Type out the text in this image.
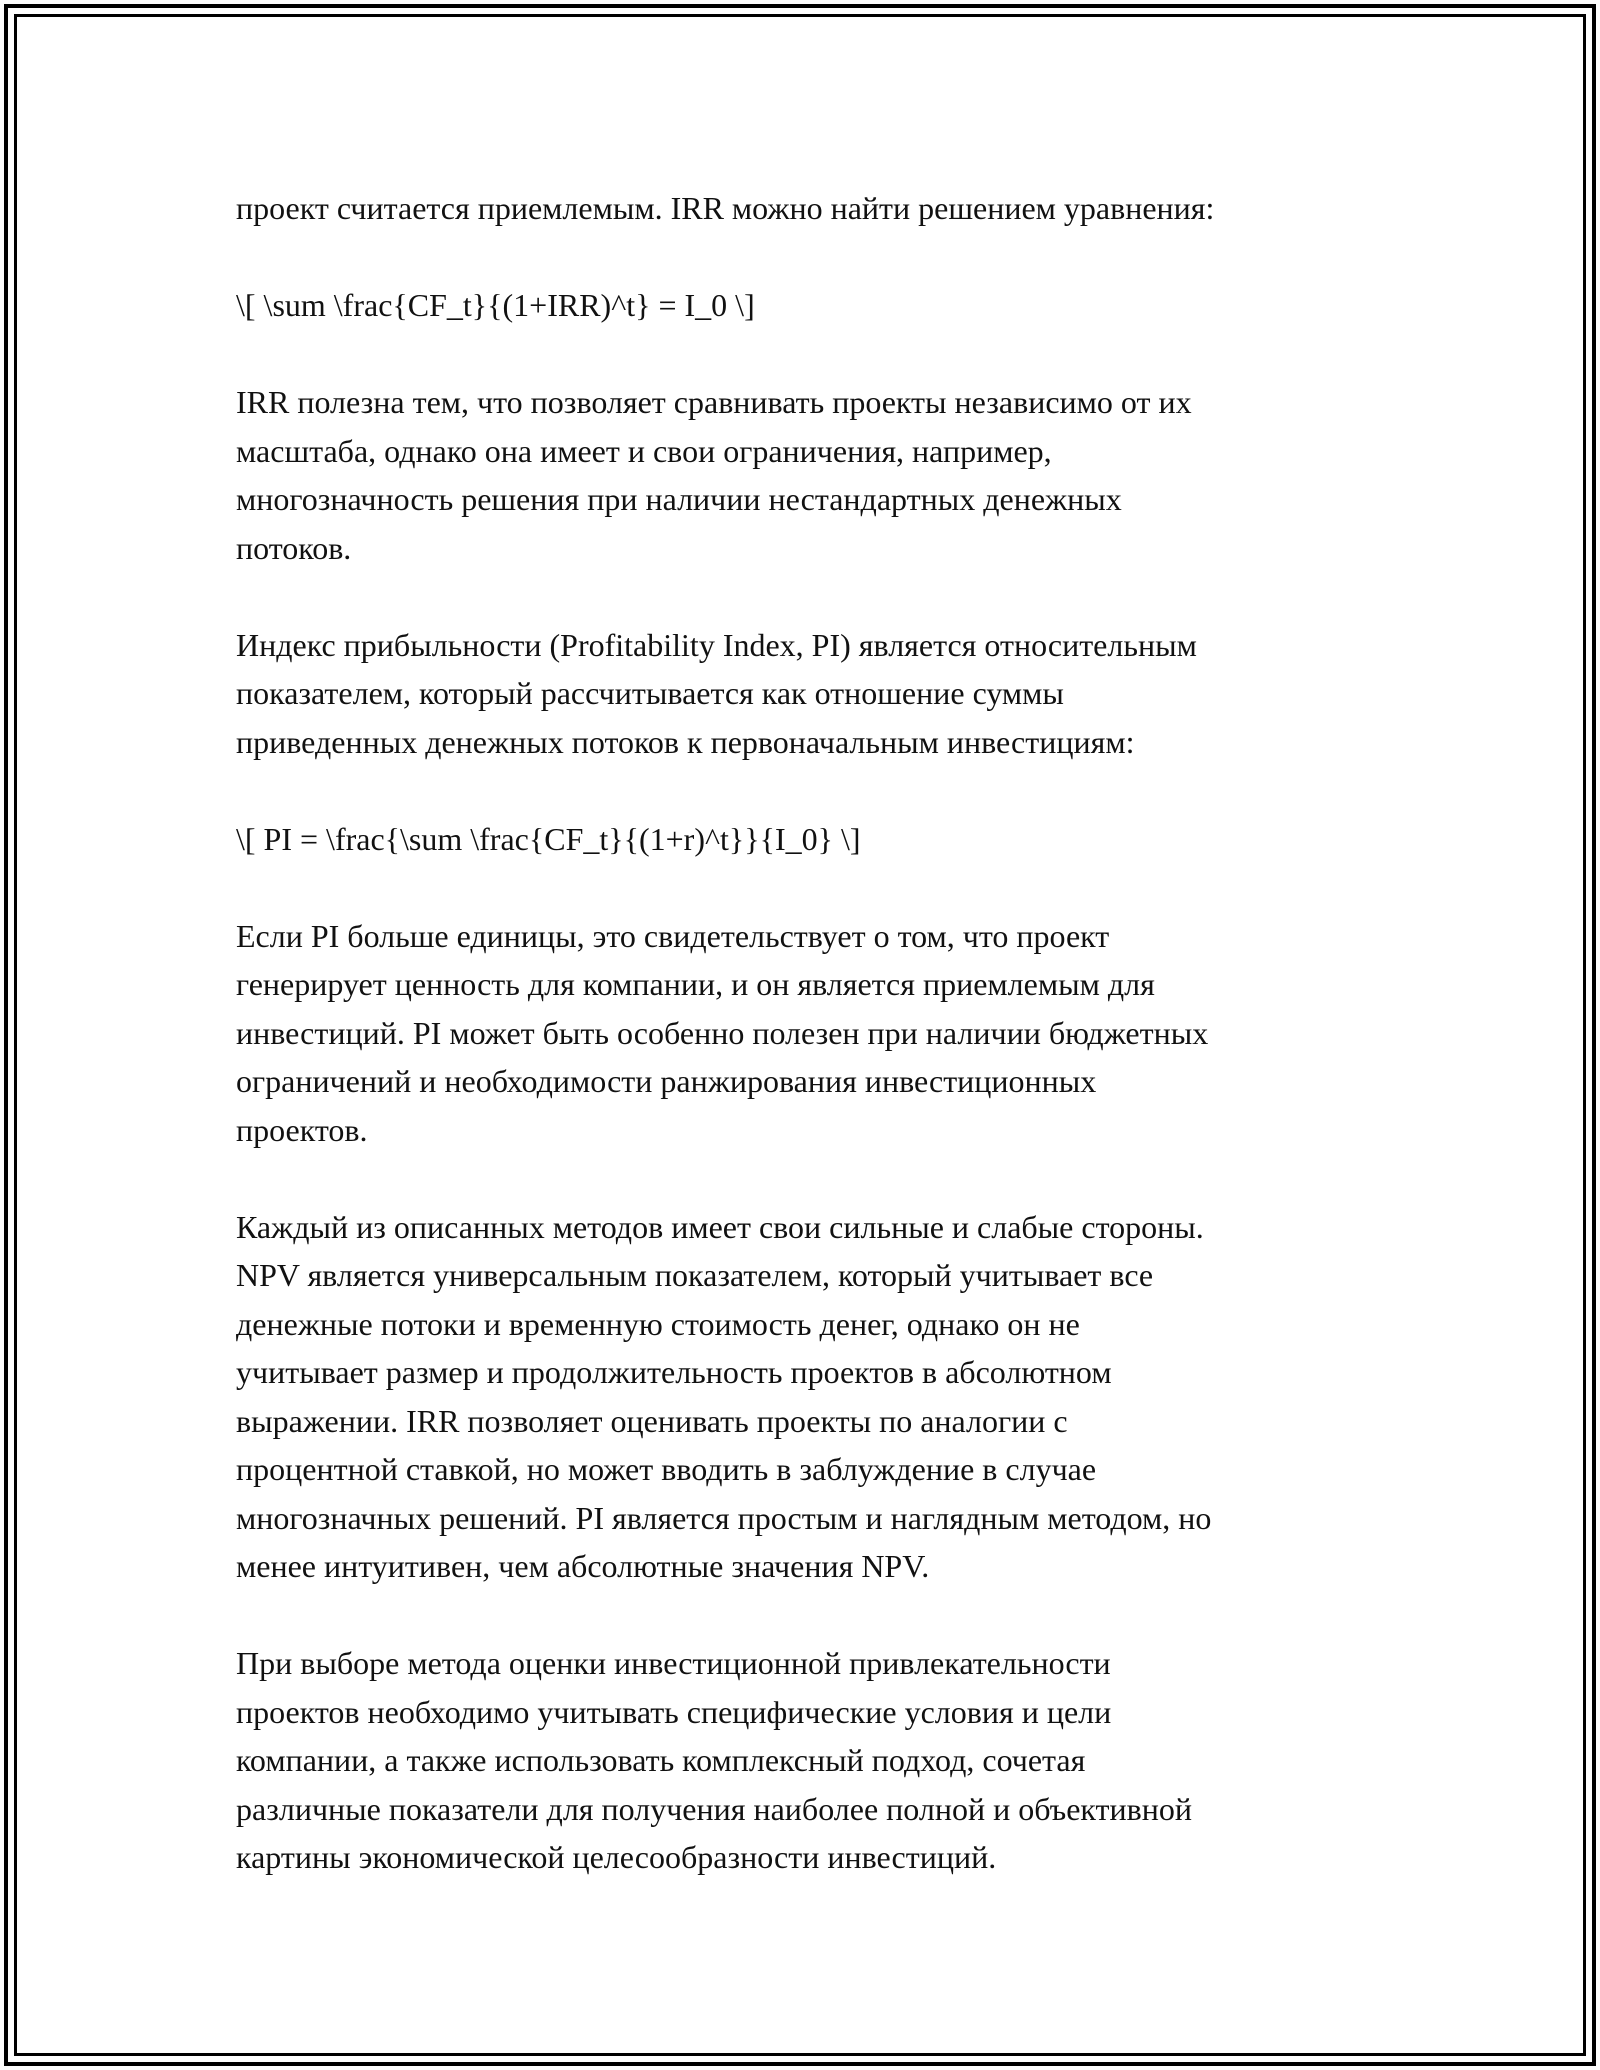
проект считается приемлемым. IRR можно найти решением уравнения:

\[ \sum \frac{CF_t}{(1+IRR)^t} = I_0 \]

IRR полезна тем, что позволяет сравнивать проекты независимо от их
масштаба, однако она имеет и свои ограничения, например,
многозначность решения при наличии нестандартных денежных
потоков.

Индекс прибыльности (Profitability Index, PI) является относительным
показателем, который рассчитывается как отношение суммы
приведенных денежных потоков к первоначальным инвестициям:

\[ PI = \frac{\sum \frac{CF_t}{(1+r)^t}}{I_0} \]

Если PI больше единицы, это свидетельствует о том, что проект
генерирует ценность для компании, и он является приемлемым для
инвестиций. PI может быть особенно полезен при наличии бюджетных
ограничений и необходимости ранжирования инвестиционных
проектов.

Каждый из описанных методов имеет свои сильные и слабые стороны.
NPV является универсальным показателем, который учитывает все
денежные потоки и временную стоимость денег, однако он не
учитывает размер и продолжительность проектов в абсолютном
выражении. IRR позволяет оценивать проекты по аналогии с
процентной ставкой, но может вводить в заблуждение в случае
многозначных решений. PI является простым и наглядным методом, но
менее интуитивен, чем абсолютные значения NPV.

При выборе метода оценки инвестиционной привлекательности
проектов необходимо учитывать специфические условия и цели
компании, а также использовать комплексный подход, сочетая
различные показатели для получения наиболее полной и объективной
картины экономической целесообразности инвестиций.
